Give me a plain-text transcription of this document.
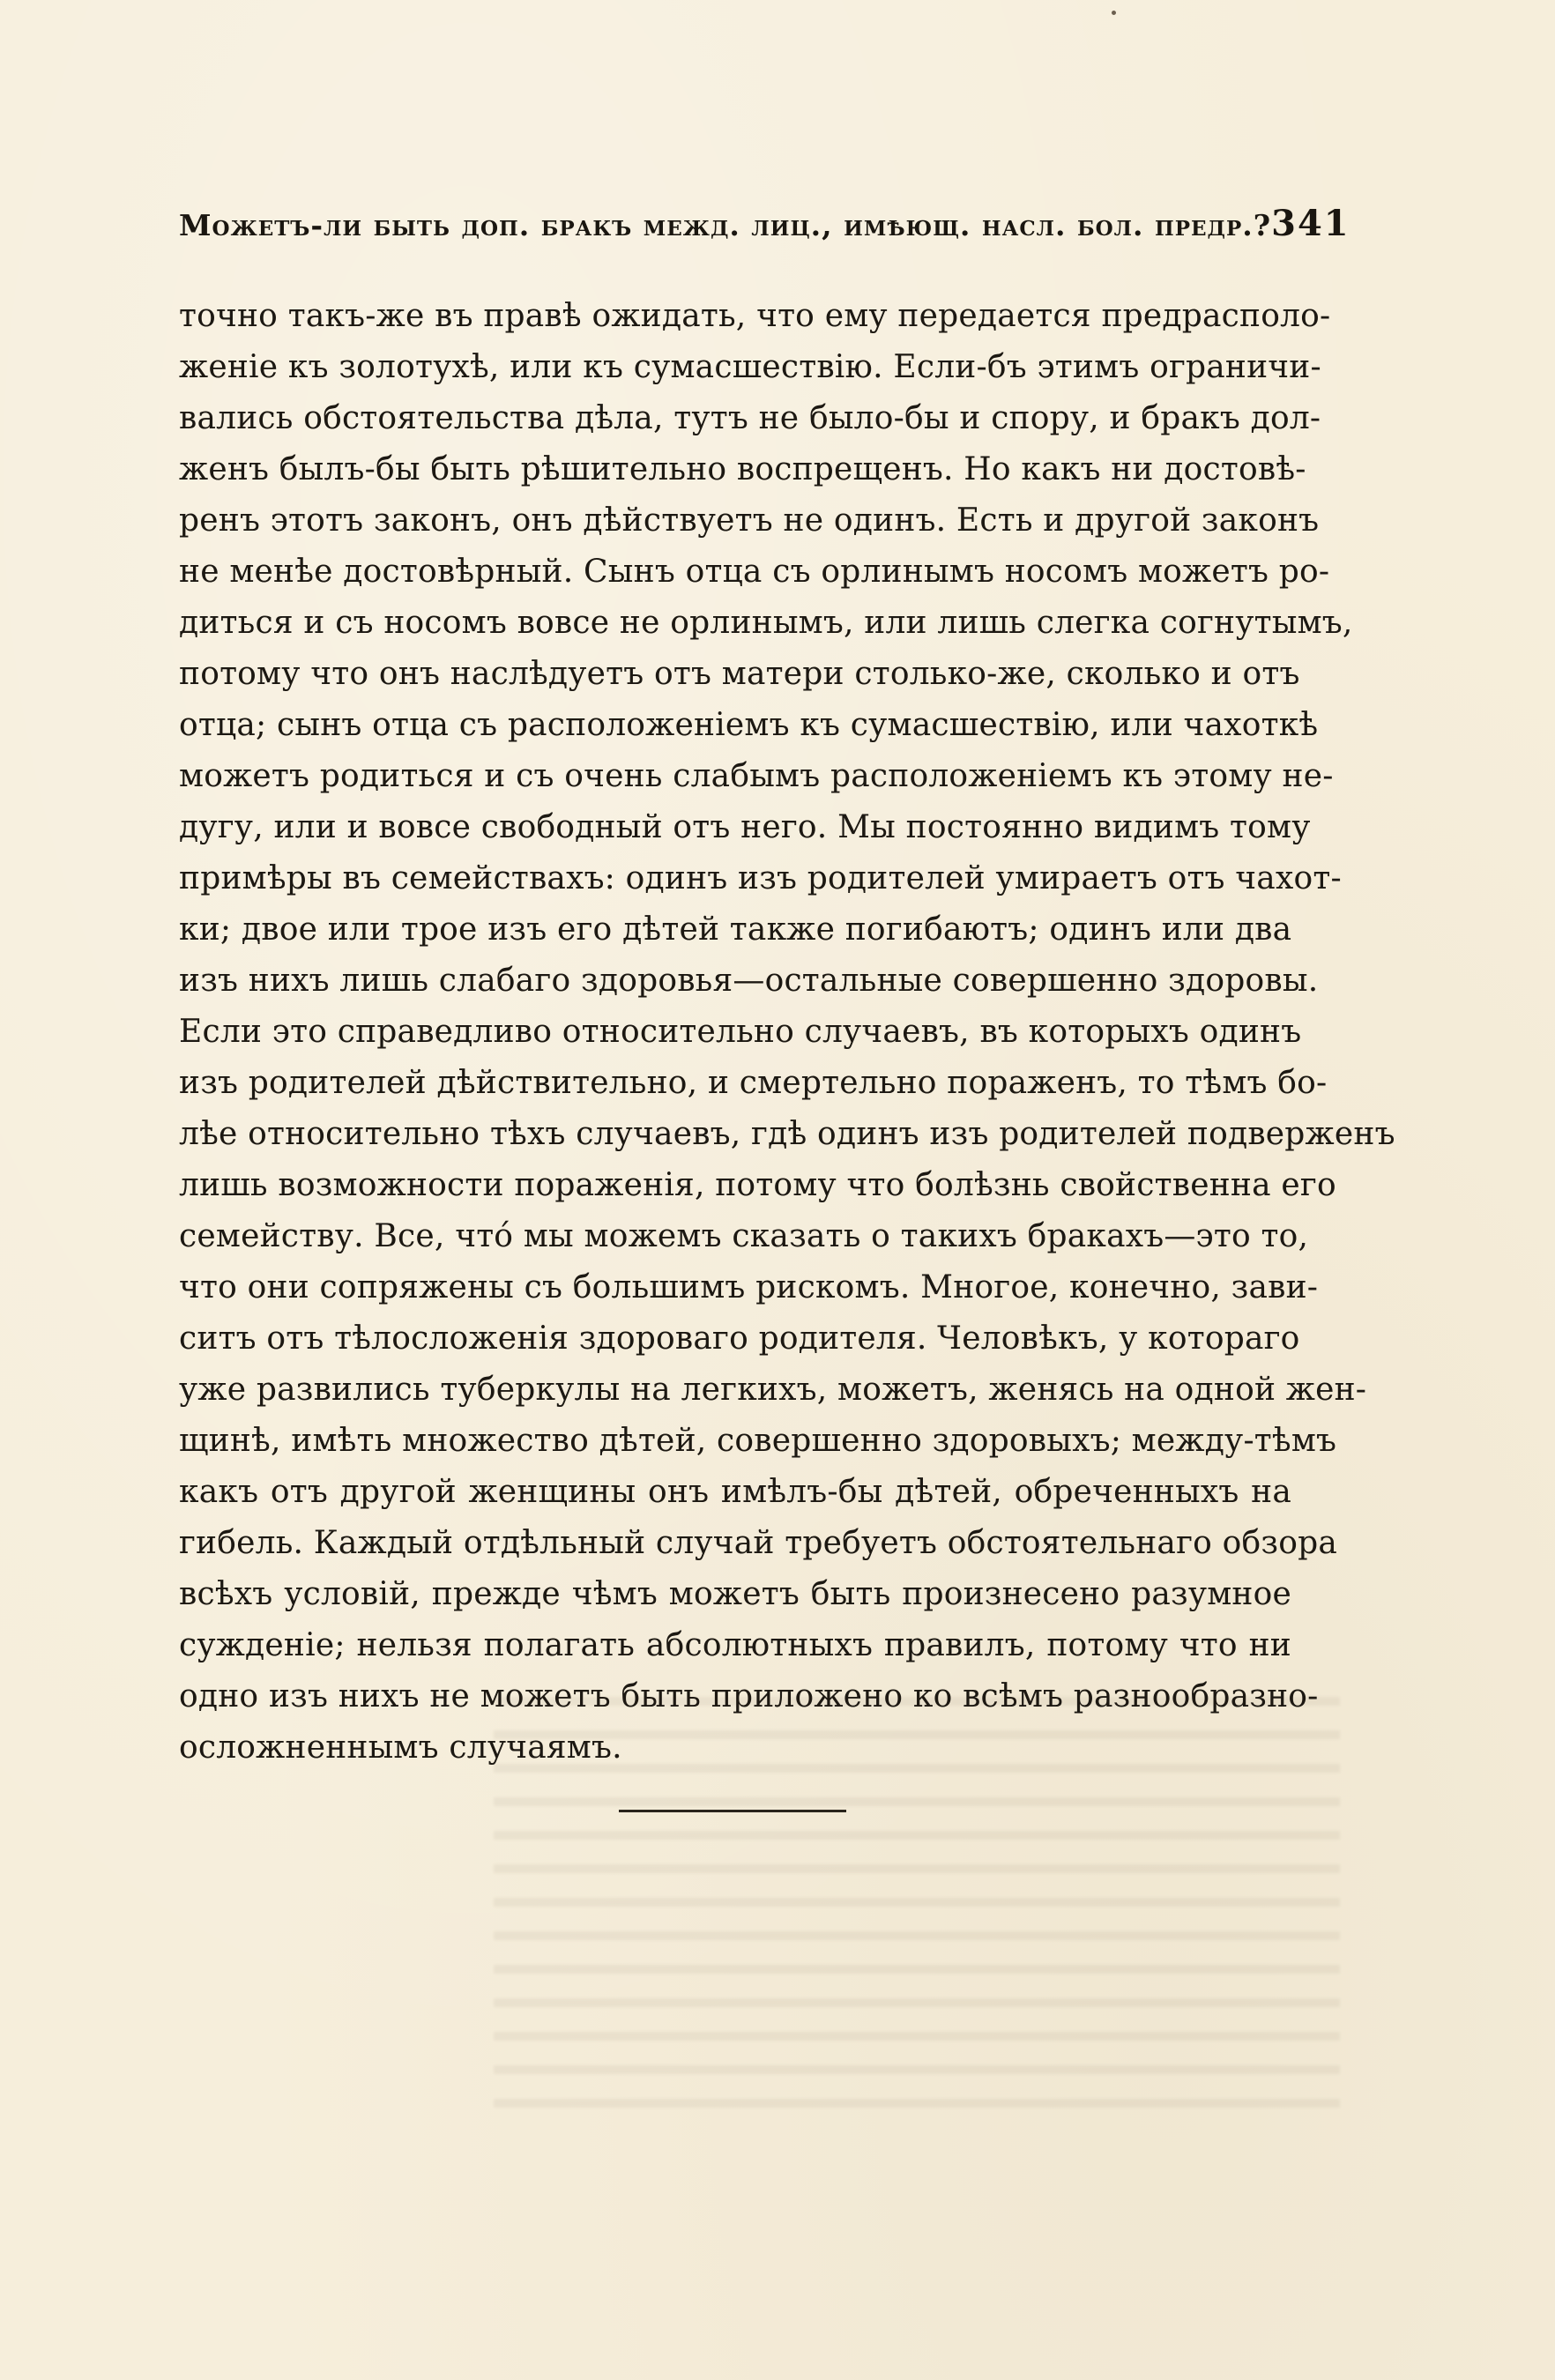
Можетъ-ли быть доп. бракъ межд. лиц., имѣющ. насл. бол. предр.? 341
точно такъ-же въ правѣ ожидать, что ему передается предрасполо-
женіе къ золотухѣ, или къ сумасшествію. Если-бъ этимъ ограничи-
вались обстоятельства дѣла, тутъ не было-бы и спору, и бракъ дол-
женъ былъ-бы быть рѣшительно воспрещенъ. Но какъ ни достовѣ-
ренъ этотъ законъ, онъ дѣйствуетъ не одинъ. Есть и другой законъ
не менѣе достовѣрный. Сынъ отца съ орлинымъ носомъ можетъ ро-
диться и съ носомъ вовсе не орлинымъ, или лишь слегка согнутымъ,
потому что онъ наслѣдуетъ отъ матери столько-же, сколько и отъ
отца; сынъ отца съ расположеніемъ къ сумасшествію, или чахоткѣ
можетъ родиться и съ очень слабымъ расположеніемъ къ этому не-
дугу, или и вовсе свободный отъ него. Мы постоянно видимъ тому
примѣры въ семействахъ: одинъ изъ родителей умираетъ отъ чахот-
ки; двое или трое изъ его дѣтей также погибаютъ; одинъ или два
изъ нихъ лишь слабаго здоровья—остальные совершенно здоровы.
Если это справедливо относительно случаевъ, въ которыхъ одинъ
изъ родителей дѣйствительно, и смертельно пораженъ, то тѣмъ бо-
лѣе относительно тѣхъ случаевъ, гдѣ одинъ изъ родителей подверженъ
лишь возможности пораженія, потому что болѣзнь свойственна его
семейству. Все, что́ мы можемъ сказать о такихъ бракахъ—это то,
что они сопряжены съ большимъ рискомъ. Многое, конечно, зави-
ситъ отъ тѣлосложенія здороваго родителя. Человѣкъ, у котораго
уже развились туберкулы на легкихъ, можетъ, женясь на одной жен-
щинѣ, имѣть множество дѣтей, совершенно здоровыхъ; между-тѣмъ
какъ отъ другой женщины онъ имѣлъ-бы дѣтей, обреченныхъ на
гибель. Каждый отдѣльный случай требуетъ обстоятельнаго обзора
всѣхъ условій, прежде чѣмъ можетъ быть произнесено разумное
сужденіе; нельзя полагать абсолютныхъ правилъ, потому что ни
одно изъ нихъ не можетъ быть приложено ко всѣмъ разнообразно-
осложненнымъ случаямъ.
